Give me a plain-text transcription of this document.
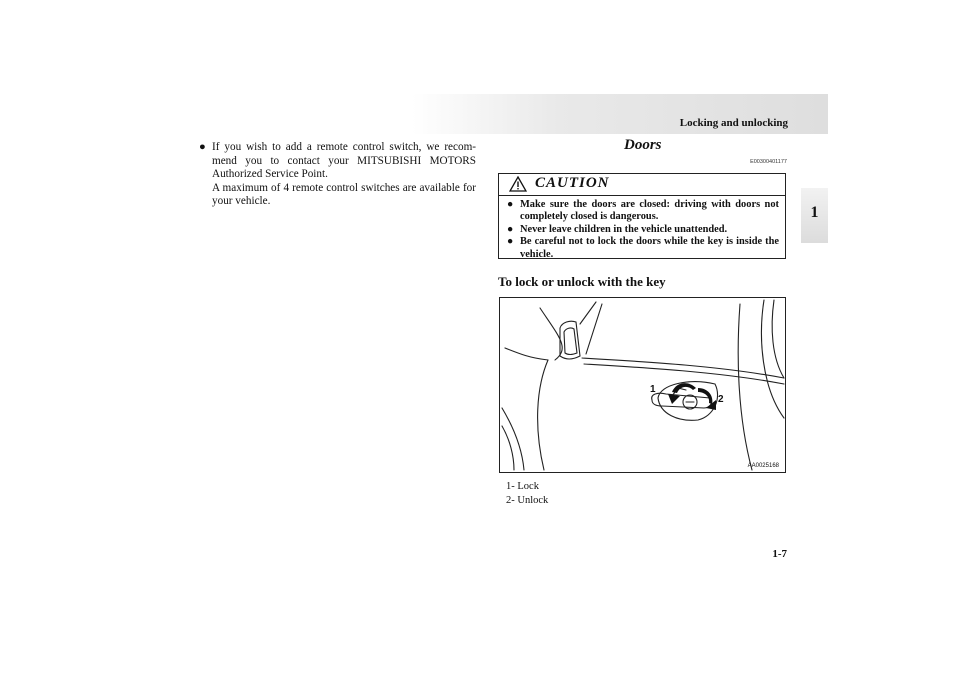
Locking and unlocking
1
● If you wish to add a remote control switch, we recom-mend you to contact your MITSUBISHI MOTORS Authorized Service Point.
A maximum of 4 remote control switches are available for your vehicle.
Doors
E00300401177
CAUTION
● Make sure the doors are closed: driving with doors not completely closed is dangerous.
● Never leave children in the vehicle unattended.
● Be careful not to lock the doors while the key is inside the vehicle.
To lock or unlock with the key
1
2
AA0025168
1- Lock
2- Unlock
1-7
